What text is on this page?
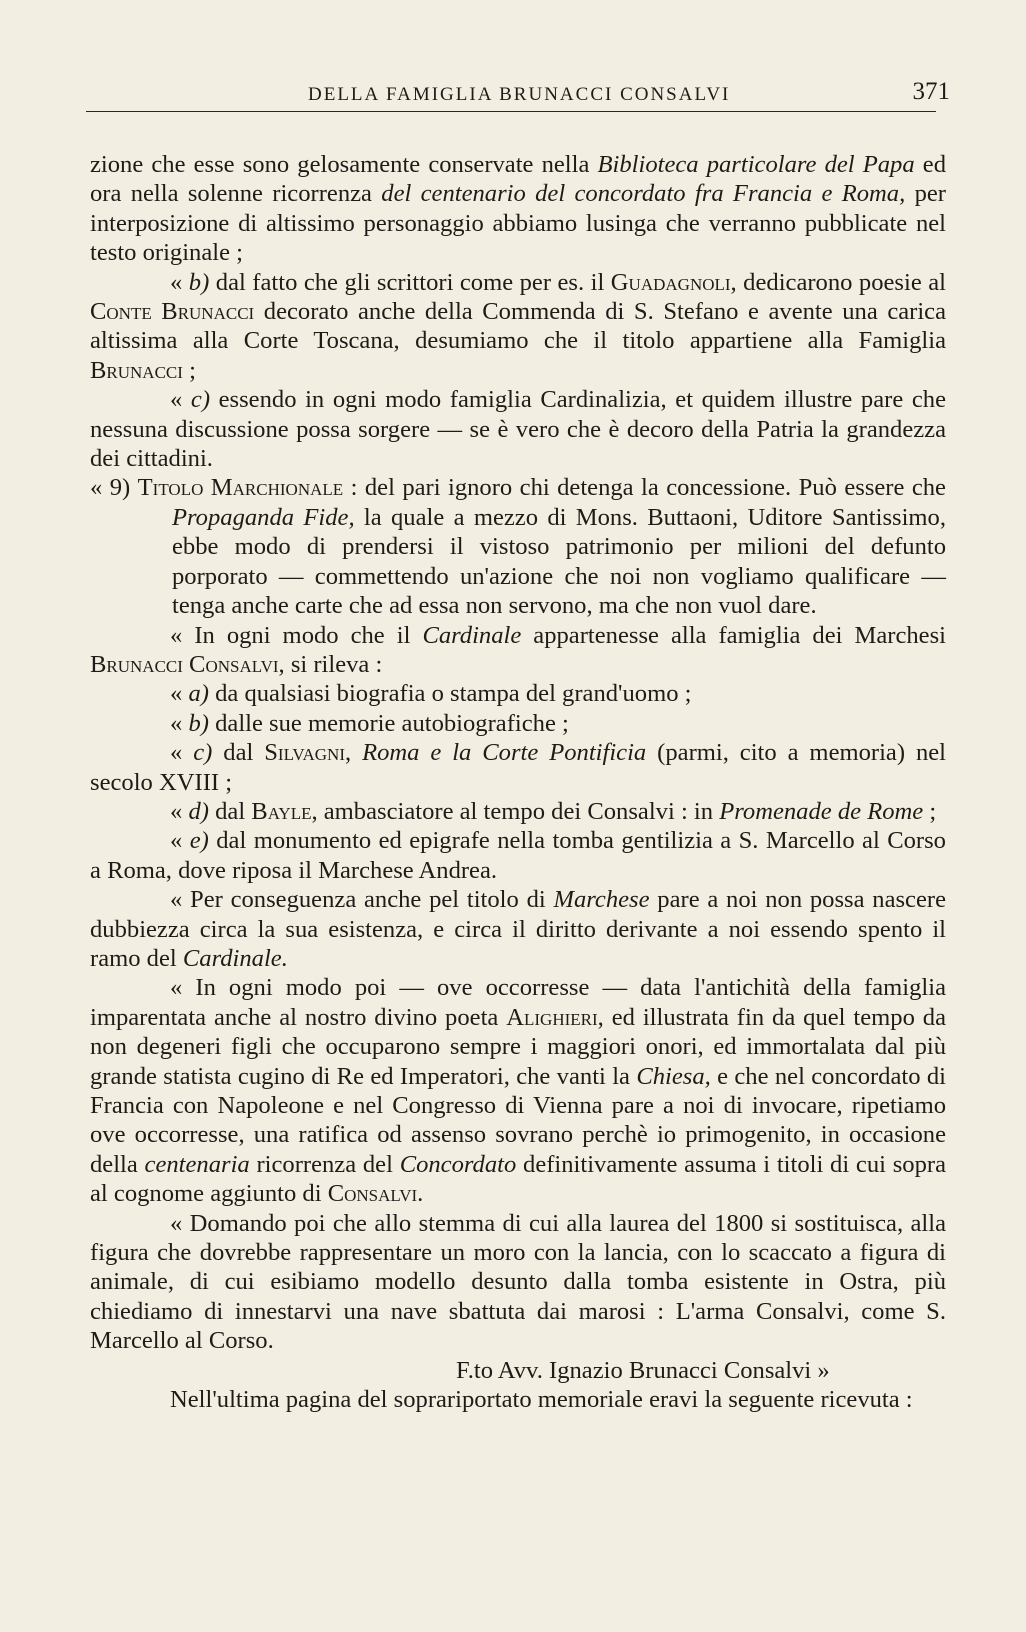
DELLA FAMIGLIA BRUNACCI CONSALVI	371

zione che esse sono gelosamente conservate nella Biblioteca particolare del Papa ed ora nella solenne ricorrenza del centenario del concordato fra Francia e Roma, per interposizione di altissimo personaggio abbiamo lusinga che verranno pubblicate nel testo originale ;

« b) dal fatto che gli scrittori come per es. il Guadagnoli, dedicarono poesie al Conte Brunacci decorato anche della Commenda di S. Stefano e avente una carica altissima alla Corte Toscana, desumiamo che il titolo appartiene alla Famiglia Brunacci ;

« c) essendo in ogni modo famiglia Cardinalizia, et quidem illustre pare che nessuna discussione possa sorgere — se è vero che è decoro della Patria la grandezza dei cittadini.

« 9) Titolo Marchionale : del pari ignoro chi detenga la concessione. Può essere che Propaganda Fide, la quale a mezzo di Mons. Buttaoni, Uditore Santissimo, ebbe modo di prendersi il vistoso patrimonio per milioni del defunto porporato — commettendo un'azione che noi non vogliamo qualificare — tenga anche carte che ad essa non servono, ma che non vuol dare.

« In ogni modo che il Cardinale appartenesse alla famiglia dei Marchesi Brunacci Consalvi, si rileva :

« a) da qualsiasi biografia o stampa del grand'uomo ;

« b) dalle sue memorie autobiografiche ;

« c) dal Silvagni, Roma e la Corte Pontificia (parmi, cito a memoria) nel secolo XVIII ;

« d) dal Bayle, ambasciatore al tempo dei Consalvi : in Promenade de Rome ;

« e) dal monumento ed epigrafe nella tomba gentilizia a S. Marcello al Corso a Roma, dove riposa il Marchese Andrea.

« Per conseguenza anche pel titolo di Marchese pare a noi non possa nascere dubbiezza circa la sua esistenza, e circa il diritto derivante a noi essendo spento il ramo del Cardinale.

« In ogni modo poi — ove occorresse — data l'antichità della famiglia imparentata anche al nostro divino poeta Alighieri, ed illustrata fin da quel tempo da non degeneri figli che occuparono sempre i maggiori onori, ed immortalata dal più grande statista cugino di Re ed Imperatori, che vanti la Chiesa, e che nel concordato di Francia con Napoleone e nel Congresso di Vienna pare a noi di invocare, ripetiamo ove occorresse, una ratifica od assenso sovrano perchè io primogenito, in occasione della centenaria ricorrenza del Concordato definitivamente assuma i titoli di cui sopra al cognome aggiunto di Consalvi.

« Domando poi che allo stemma di cui alla laurea del 1800 si sostituisca, alla figura che dovrebbe rappresentare un moro con la lancia, con lo scaccato a figura di animale, di cui esibiamo modello desunto dalla tomba esistente in Ostra, più chiediamo di innestarvi una nave sbattuta dai marosi : L'arma Consalvi, come S. Marcello al Corso.

F.to Avv. Ignazio Brunacci Consalvi »

Nell'ultima pagina del soprariportato memoriale eravi la seguente ricevuta :
